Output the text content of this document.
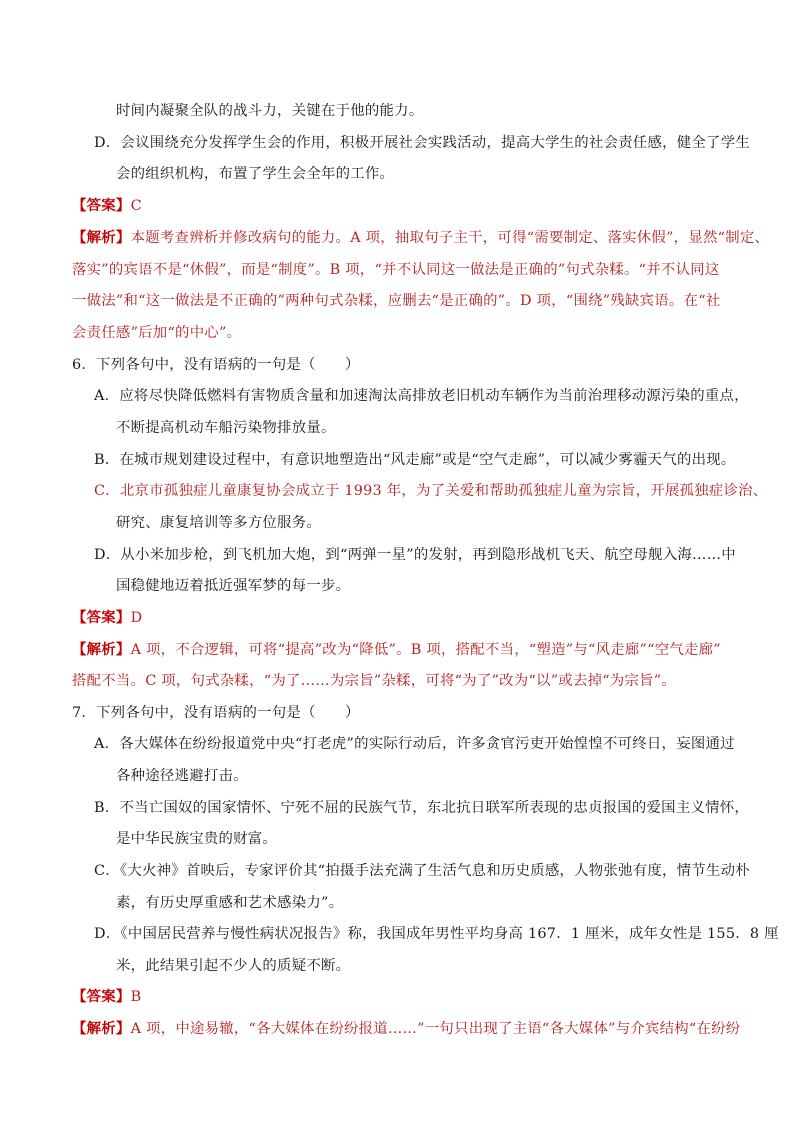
时间内凝聚全队的战斗力，关键在于他的能力。
D．会议围绕充分发挥学生会的作用，积极开展社会实践活动，提高大学生的社会责任感，健全了学生
会的组织机构，布置了学生会全年的工作。
【答案】C
【解析】本题考查辨析并修改病句的能力。A 项，抽取句子主干，可得“需要制定、落实休假”，显然“制定、
落实”的宾语不是“休假”，而是“制度”。B 项，“并不认同这一做法是正确的”句式杂糅。“并不认同这
一做法”和“这一做法是不正确的”两种句式杂糅，应删去“是正确的”。D 项，“围绕”残缺宾语。在“社
会责任感”后加“的中心”。
6．下列各句中，没有语病的一句是（　　）
A．应将尽快降低燃料有害物质含量和加速淘汰高排放老旧机动车辆作为当前治理移动源污染的重点，
不断提高机动车船污染物排放量。
B．在城市规划建设过程中，有意识地塑造出“风走廊”或是“空气走廊”，可以减少雾霾天气的出现。
C．北京市孤独症儿童康复协会成立于 1993 年，为了关爱和帮助孤独症儿童为宗旨，开展孤独症诊治、
研究、康复培训等多方位服务。
D．从小米加步枪，到飞机加大炮，到“两弹一星”的发射，再到隐形战机飞天、航空母舰入海……中
国稳健地迈着抵近强军梦的每一步。
【答案】D
【解析】A 项，不合逻辑，可将“提高”改为“降低”。B 项，搭配不当，“塑造”与“风走廊”“空气走廊”
搭配不当。C 项，句式杂糅，“为了……为宗旨”杂糅，可将“为了”改为“以”或去掉“为宗旨”。
7．下列各句中，没有语病的一句是（　　）
A．各大媒体在纷纷报道党中央“打老虎”的实际行动后，许多贪官污吏开始惶惶不可终日，妄图通过
各种途径逃避打击。
B．不当亡国奴的国家情怀、宁死不屈的民族气节，东北抗日联军所表现的忠贞报国的爱国主义情怀，
是中华民族宝贵的财富。
C．《大火神》首映后，专家评价其“拍摄手法充满了生活气息和历史质感，人物张弛有度，情节生动朴
素，有历史厚重感和艺术感染力”。
D．《中国居民营养与慢性病状况报告》称，我国成年男性平均身高 167．1 厘米，成年女性是 155．8 厘
米，此结果引起不少人的质疑不断。
【答案】B
【解析】A 项，中途易辙，“各大媒体在纷纷报道……”一句只出现了主语“各大媒体”与介宾结构“在纷纷
